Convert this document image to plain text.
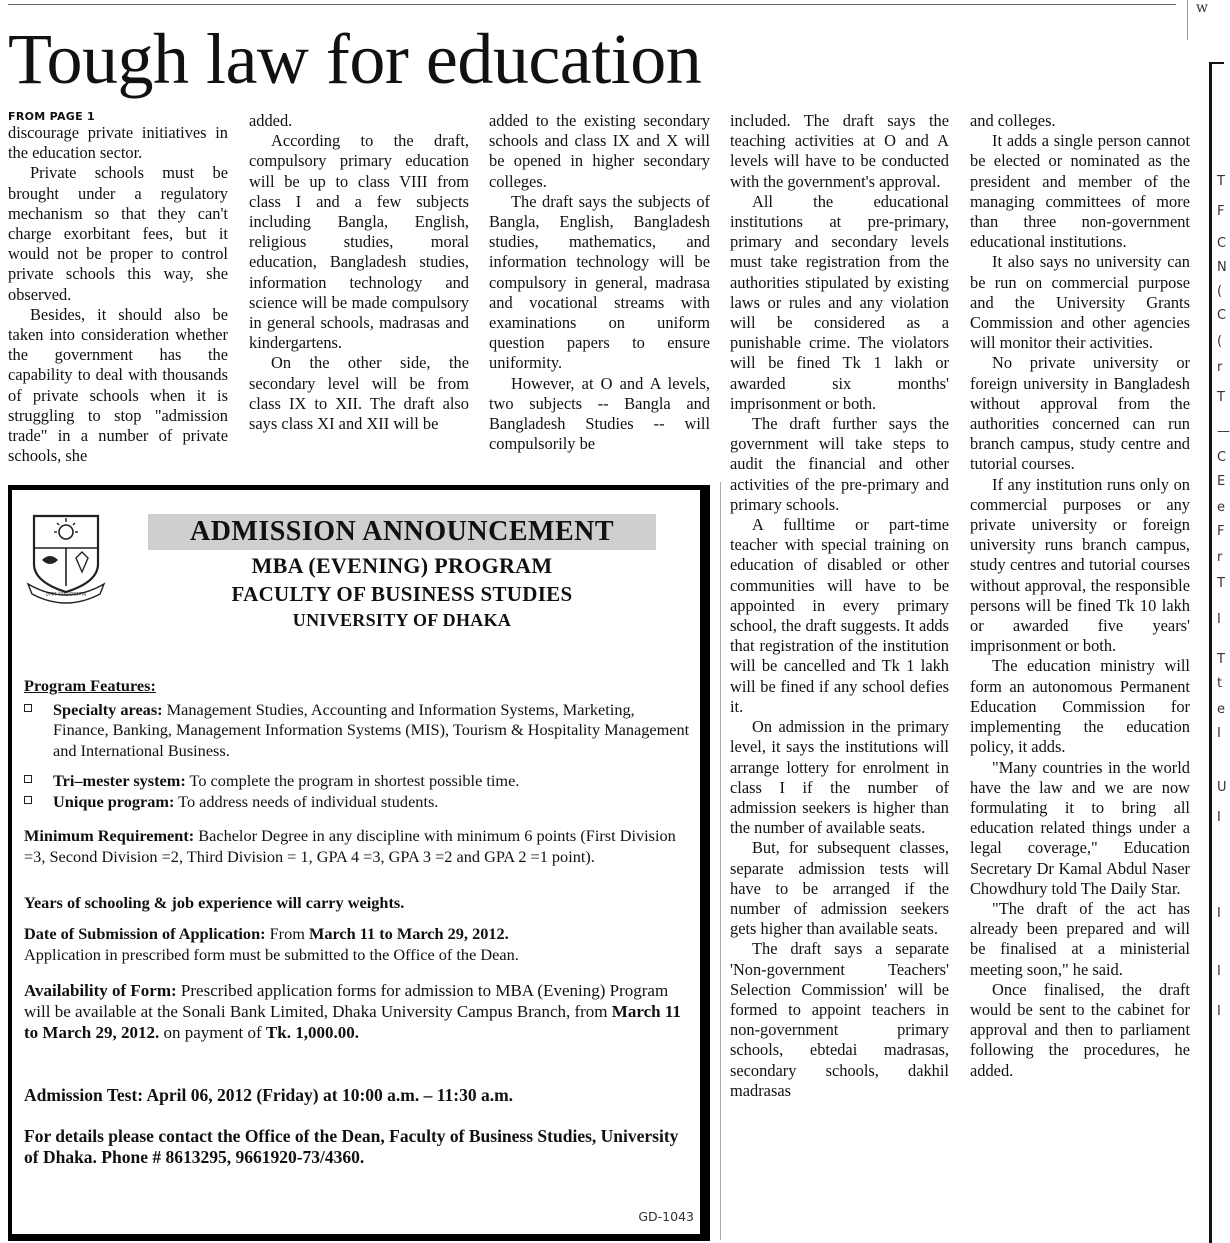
w
Tough law for education
FROM PAGE 1

discourage private initiatives in the education sector.

Private schools must be brought under a regulatory mechanism so that they can't charge exorbitant fees, but it would not be proper to control private schools this way, she observed.

Besides, it should also be taken into consideration whether the government has the capability to deal with thousands of private schools when it is struggling to stop "admission trade" in a number of private schools, she

added.

According to the draft, compulsory primary education will be up to class VIII from class I and a few subjects including Bangla, English, religious studies, moral education, Bangladesh studies, information technology and science will be made compulsory in general schools, madrasas and kindergartens.

On the other side, the secondary level will be from class IX to XII. The draft also says class XI and XII will be

added to the existing secondary schools and class IX and X will be opened in higher secondary colleges.

The draft says the subjects of Bangla, English, Bangladesh studies, mathematics, and information technology will be compulsory in general, madrasa and vocational streams with examinations on uniform question papers to ensure uniformity.

However, at O and A levels, two subjects -- Bangla and Bangladesh Studies -- will compulsorily be

included. The draft says the teaching activities at O and A levels will have to be conducted with the government's approval.

All the educational institutions at pre-primary, primary and secondary levels must take registration from the authorities stipulated by existing laws or rules and any violation will be considered as a punishable crime. The violators will be fined Tk 1 lakh or awarded six months' imprisonment or both.

The draft further says the government will take steps to audit the financial and other activities of the pre-primary and primary schools.

A fulltime or part-time teacher with special training on education of disabled or other communities will have to be appointed in every primary school, the draft suggests. It adds that registration of the institution will be cancelled and Tk 1 lakh will be fined if any school defies it.

On admission in the primary level, it says the institutions will arrange lottery for enrolment in class I if the number of admission seekers is higher than the number of available seats.

But, for subsequent classes, separate admission tests will have to be arranged if the number of admission seekers gets higher than available seats.

The draft says a separate 'Non-government Teachers' Selection Commission' will be formed to appoint teachers in non-government primary schools, ebtedai madrasas, secondary schools, dakhil madrasas

and colleges.

It adds a single person cannot be elected or nominated as the president and member of the managing committees of more than three non-government educational institutions.

It also says no university can be run on commercial purpose and the University Grants Commission and other agencies will monitor their activities.

No private university or foreign university in Bangladesh without approval from the authorities concerned can run branch campus, study centre and tutorial courses.

If any institution runs only on commercial purposes or any private university or foreign university runs branch campus, study centres and tutorial courses without approval, the responsible persons will be fined Tk 10 lakh or awarded five years' imprisonment or both.

The education ministry will form an autonomous Permanent Education Commission for implementing the education policy, it adds.

"Many countries in the world have the law and we are now formulating it to bring all education related things under a legal coverage," Education Secretary Dr Kamal Abdul Naser Chowdhury told The Daily Star.

"The draft of the act has already been prepared and will be finalised at a ministerial meeting soon," he said.

Once finalised, the draft would be sent to the cabinet for approval and then to parliament following the procedures, he added.

T
F
C
N
(
C
(
r
T
—
C
E
e
F
r
T
I
T
t
e
I
U
I
I
I
I
ঢাকা বিশ্ববিদ্যালয়
ADMISSION ANNOUNCEMENT
MBA (EVENING) PROGRAM
FACULTY OF BUSINESS STUDIES
UNIVERSITY OF DHAKA
Program Features:
Specialty areas: Management Studies, Accounting and Information Systems, Marketing, Finance, Banking, Management Information Systems (MIS), Tourism & Hospitality Management and International Business.
Tri–mester system: To complete the program in shortest possible time.
Unique program: To address needs of individual students.
Minimum Requirement: Bachelor Degree in any discipline with minimum 6 points (First Division =3, Second Division =2, Third Division = 1, GPA 4 =3, GPA 3 =2 and GPA 2 =1 point).
Years of schooling & job experience will carry weights.
Date of Submission of Application: From March 11 to March 29, 2012.
Application in prescribed form must be submitted to the Office of the Dean.
Availability of Form: Prescribed application forms for admission to MBA (Evening) Program will be available at the Sonali Bank Limited, Dhaka University Campus Branch, from March 11 to March 29, 2012. on payment of Tk. 1,000.00.
Admission Test: April 06, 2012 (Friday) at 10:00 a.m. – 11:30 a.m.
For details please contact the Office of the Dean, Faculty of Business Studies, University of Dhaka. Phone # 8613295, 9661920-73/4360.
GD-1043
